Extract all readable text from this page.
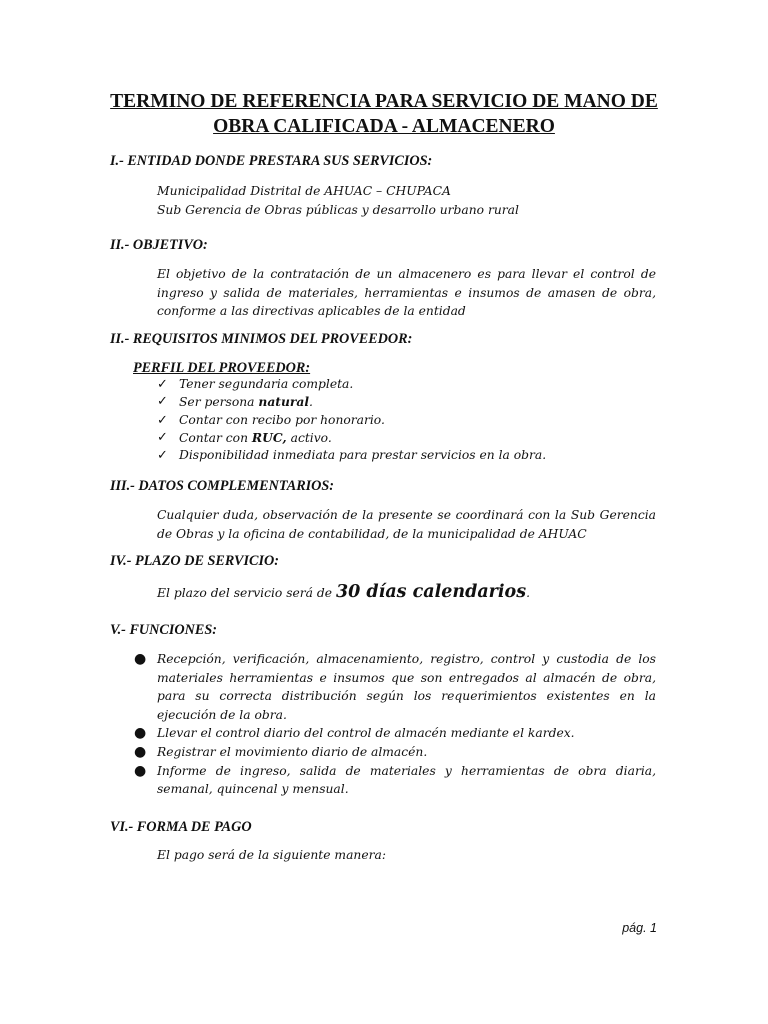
TERMINO DE REFERENCIA PARA SERVICIO DE MANO DE
OBRA CALIFICADA - ALMACENERO
I.- ENTIDAD DONDE PRESTARA SUS SERVICIOS:
Municipalidad Distrital de AHUAC – CHUPACA
Sub Gerencia de Obras públicas y desarrollo urbano rural
II.- OBJETIVO:
El objetivo de la contratación de un almacenero es para llevar el control de ingreso y salida de materiales, herramientas e insumos de amasen de obra, conforme a las directivas aplicables de la entidad
II.- REQUISITOS MINIMOS DEL PROVEEDOR:
PERFIL DEL PROVEEDOR:
✓ Tener segundaria completa.
✓ Ser persona natural.
✓ Contar con recibo por honorario.
✓ Contar con RUC, activo.
✓ Disponibilidad inmediata para prestar servicios en la obra.
III.- DATOS COMPLEMENTARIOS:
Cualquier duda, observación de la presente se coordinará con la Sub Gerencia de Obras y la oficina de contabilidad, de la municipalidad de AHUAC
IV.- PLAZO DE SERVICIO:
El plazo del servicio será de 30 días calendarios.
V.- FUNCIONES:
● Recepción, verificación, almacenamiento, registro, control y custodia de los materiales herramientas e insumos que son entregados al almacén de obra, para su correcta distribución según los requerimientos existentes en la ejecución de la obra.
● Llevar el control diario del control de almacén mediante el kardex.
● Registrar el movimiento diario de almacén.
● Informe de ingreso, salida de materiales y herramientas de obra diaria, semanal, quincenal y mensual.
VI.- FORMA DE PAGO
El pago será de la siguiente manera:
pág. 1
